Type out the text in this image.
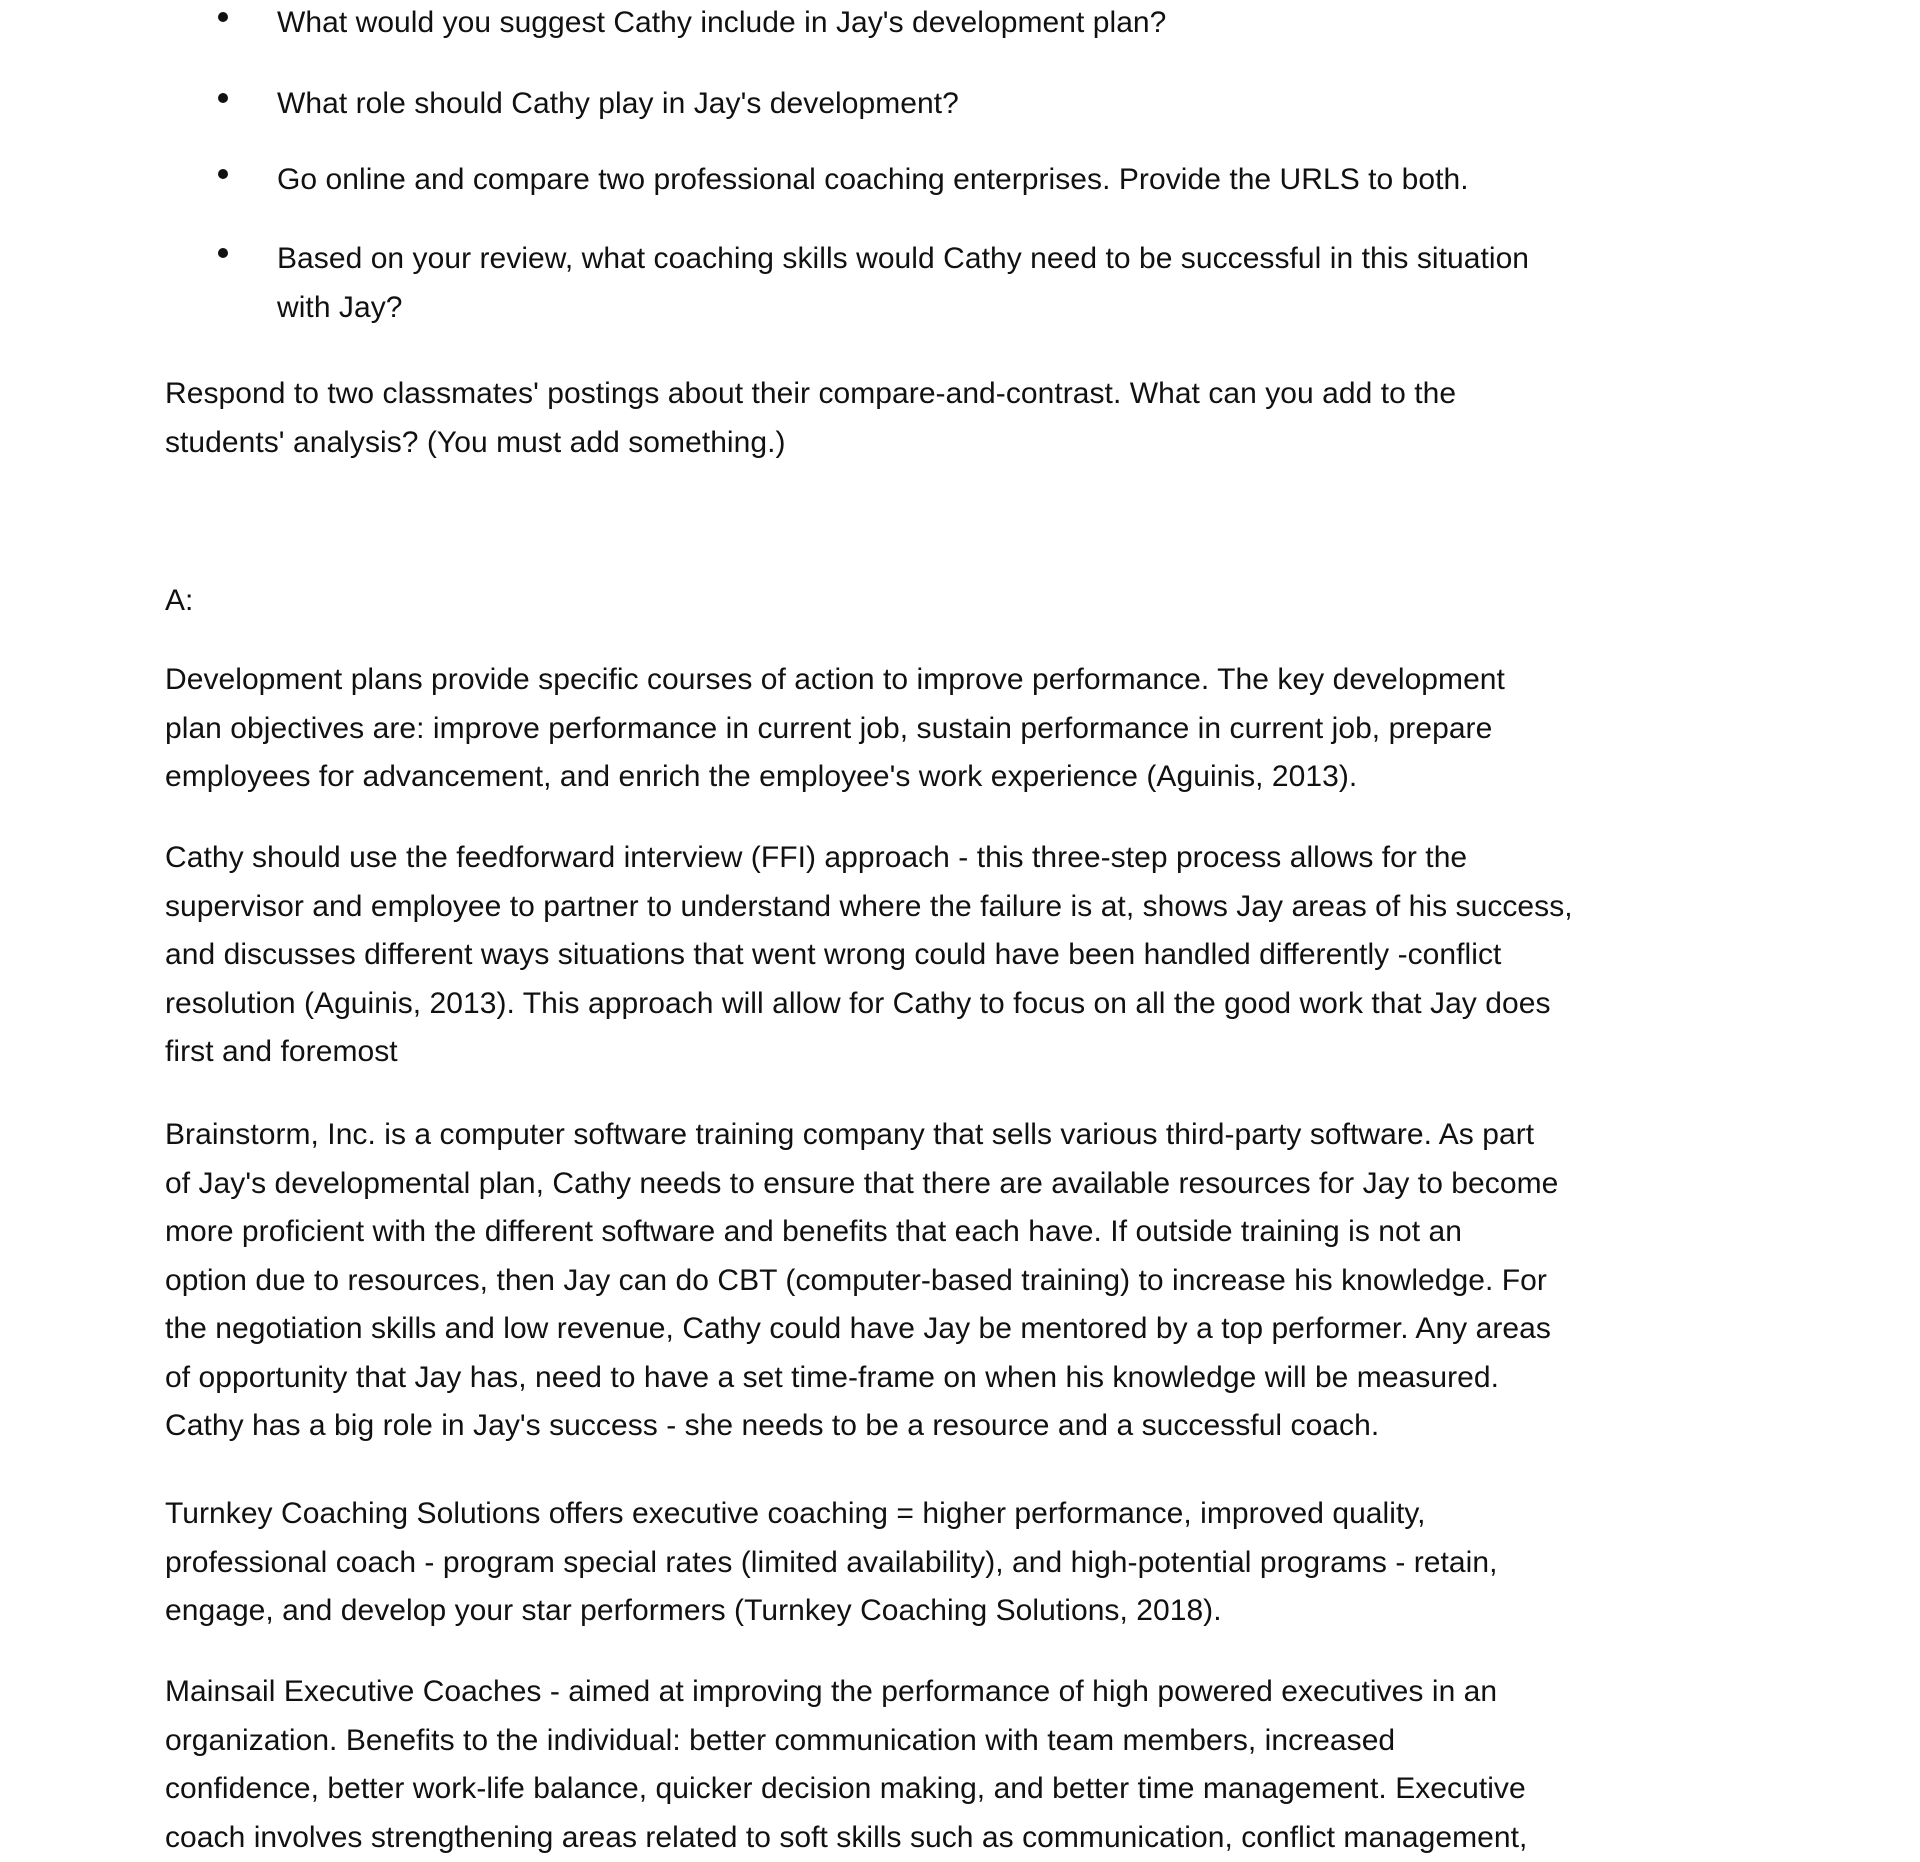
What would you suggest Cathy include in Jay's development plan?
What role should Cathy play in Jay's development?
Go online and compare two professional coaching enterprises. Provide the URLS to both.
Based on your review, what coaching skills would Cathy need to be successful in this situation
with Jay?
Respond to two classmates' postings about their compare-and-contrast. What can you add to the
students' analysis? (You must add something.)
A:
Development plans provide specific courses of action to improve performance. The key development
plan objectives are: improve performance in current job, sustain performance in current job, prepare
employees for advancement, and enrich the employee's work experience (Aguinis, 2013).
Cathy should use the feedforward interview (FFI) approach - this three-step process allows for the
supervisor and employee to partner to understand where the failure is at, shows Jay areas of his success,
and discusses different ways situations that went wrong could have been handled differently -conflict
resolution (Aguinis, 2013). This approach will allow for Cathy to focus on all the good work that Jay does
first and foremost
Brainstorm, Inc. is a computer software training company that sells various third-party software. As part
of Jay's developmental plan, Cathy needs to ensure that there are available resources for Jay to become
more proficient with the different software and benefits that each have. If outside training is not an
option due to resources, then Jay can do CBT (computer-based training) to increase his knowledge. For
the negotiation skills and low revenue, Cathy could have Jay be mentored by a top performer. Any areas
of opportunity that Jay has, need to have a set time-frame on when his knowledge will be measured.
Cathy has a big role in Jay's success - she needs to be a resource and a successful coach.
Turnkey Coaching Solutions offers executive coaching = higher performance, improved quality,
professional coach - program special rates (limited availability), and high-potential programs - retain,
engage, and develop your star performers (Turnkey Coaching Solutions, 2018).
Mainsail Executive Coaches - aimed at improving the performance of high powered executives in an
organization. Benefits to the individual: better communication with team members, increased
confidence, better work-life balance, quicker decision making, and better time management. Executive
coach involves strengthening areas related to soft skills such as communication, conflict management,
